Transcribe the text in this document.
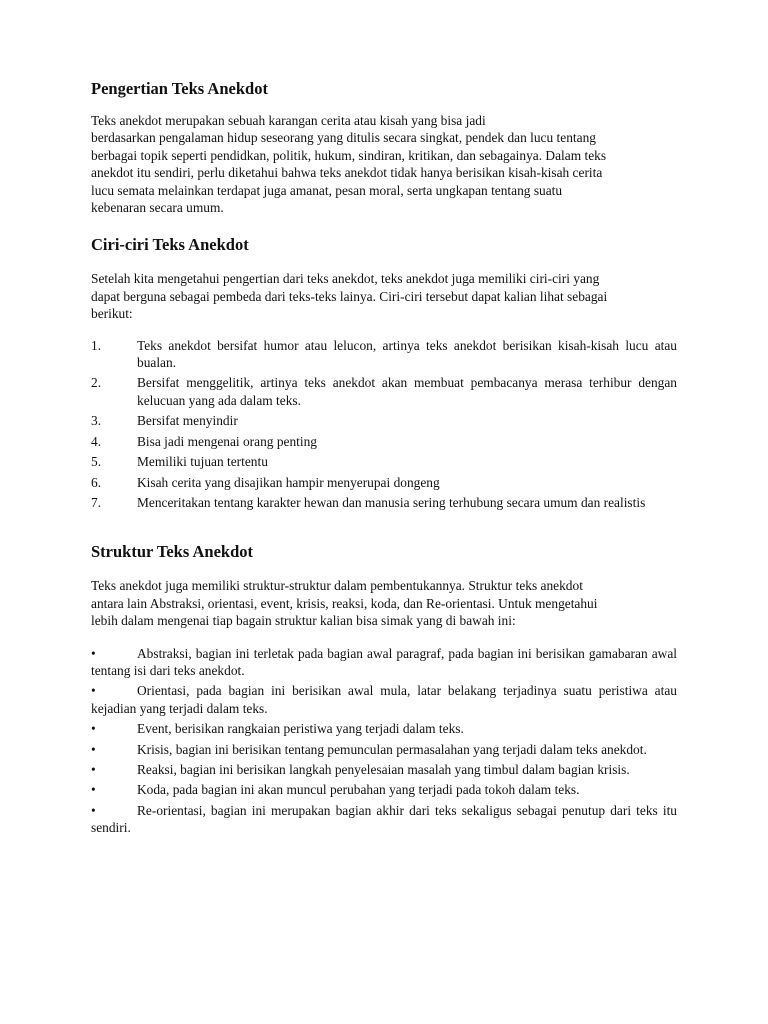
Pengertian Teks Anekdot

Teks anekdot merupakan sebuah karangan cerita atau kisah yang bisa jadi
berdasarkan pengalaman hidup seseorang yang ditulis secara singkat, pendek dan lucu tentang
berbagai topik seperti pendidkan, politik, hukum, sindiran, kritikan, dan sebagainya. Dalam teks
anekdot itu sendiri, perlu diketahui bahwa teks anekdot tidak hanya berisikan kisah-kisah cerita
lucu semata melainkan terdapat juga amanat, pesan moral, serta ungkapan tentang suatu
kebenaran secara umum.

Ciri-ciri Teks Anekdot

Setelah kita mengetahui pengertian dari teks anekdot, teks anekdot juga memiliki ciri-ciri yang
dapat berguna sebagai pembeda dari teks-teks lainya. Ciri-ciri tersebut dapat kalian lihat sebagai
berikut:

1.	Teks anekdot bersifat humor atau lelucon, artinya teks anekdot berisikan kisah-kisah lucu atau bualan.
2.	Bersifat menggelitik, artinya teks anekdot akan membuat pembacanya merasa terhibur dengan kelucuan yang ada dalam teks.
3.	Bersifat menyindir
4.	Bisa jadi mengenai orang penting
5.	Memiliki tujuan tertentu
6.	Kisah cerita yang disajikan hampir menyerupai dongeng
7.	Menceritakan tentang karakter hewan dan manusia sering terhubung secara umum dan realistis
Struktur Teks Anekdot

Teks anekdot juga memiliki struktur-struktur dalam pembentukannya. Struktur teks anekdot
antara lain Abstraksi, orientasi, event, krisis, reaksi, koda, dan Re-orientasi. Untuk mengetahui
lebih dalam mengenai tiap bagain struktur kalian bisa simak yang di bawah ini:

•	Abstraksi, bagian ini terletak pada bagian awal paragraf, pada bagian ini berisikan gamabaran awal tentang isi dari teks anekdot.
•	Orientasi, pada bagian ini berisikan awal mula, latar belakang terjadinya suatu peristiwa atau kejadian yang terjadi dalam teks.
•	Event, berisikan rangkaian peristiwa yang terjadi dalam teks.
•	Krisis, bagian ini berisikan tentang pemunculan permasalahan yang terjadi dalam teks anekdot.
•	Reaksi, bagian ini berisikan langkah penyelesaian masalah yang timbul dalam bagian krisis.
•	Koda, pada bagian ini akan muncul perubahan yang terjadi pada tokoh dalam teks.
•	Re-orientasi, bagian ini merupakan bagian akhir dari teks sekaligus sebagai penutup dari teks itu sendiri.
